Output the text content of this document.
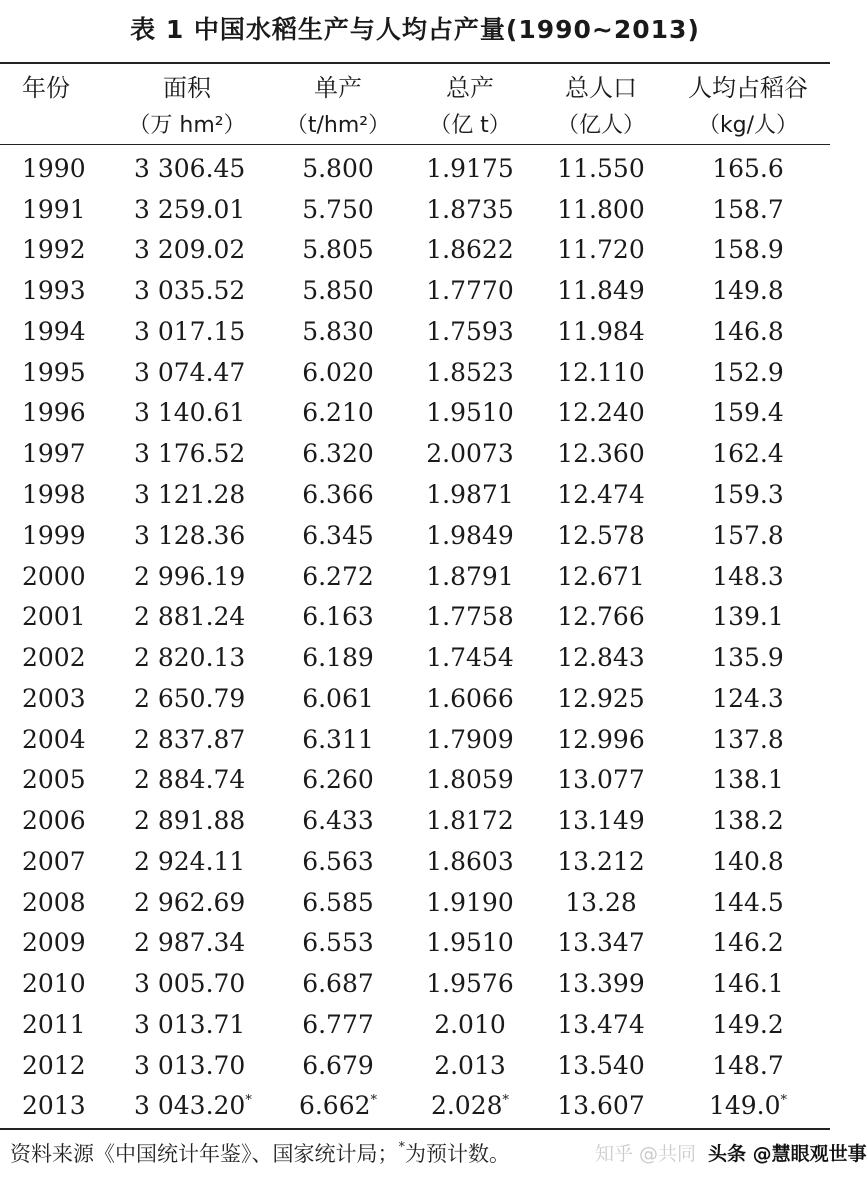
表 1 中国水稻生产与人均占产量(1990~2013)
年份	面积	单产	总产	总人口	人均占稻谷
	（万 hm²）	（t/hm²）	（亿 t）	（亿人）	（kg/人）
1990	3 306.45	5.800	1.9175	11.550	165.6
1991	3 259.01	5.750	1.8735	11.800	158.7
1992	3 209.02	5.805	1.8622	11.720	158.9
1993	3 035.52	5.850	1.7770	11.849	149.8
1994	3 017.15	5.830	1.7593	11.984	146.8
1995	3 074.47	6.020	1.8523	12.110	152.9
1996	3 140.61	6.210	1.9510	12.240	159.4
1997	3 176.52	6.320	2.0073	12.360	162.4
1998	3 121.28	6.366	1.9871	12.474	159.3
1999	3 128.36	6.345	1.9849	12.578	157.8
2000	2 996.19	6.272	1.8791	12.671	148.3
2001	2 881.24	6.163	1.7758	12.766	139.1
2002	2 820.13	6.189	1.7454	12.843	135.9
2003	2 650.79	6.061	1.6066	12.925	124.3
2004	2 837.87	6.311	1.7909	12.996	137.8
2005	2 884.74	6.260	1.8059	13.077	138.1
2006	2 891.88	6.433	1.8172	13.149	138.2
2007	2 924.11	6.563	1.8603	13.212	140.8
2008	2 962.69	6.585	1.9190	13.28	144.5
2009	2 987.34	6.553	1.9510	13.347	146.2
2010	3 005.70	6.687	1.9576	13.399	146.1
2011	3 013.71	6.777	2.010	13.474	149.2
2012	3 013.70	6.679	2.013	13.540	148.7
2013	3 043.20*	6.662*	2.028*	13.607	149.0*
资料来源《中国统计年鉴》、国家统计局；*为预计数。	知乎 @共同 头条 @慧眼观世事
